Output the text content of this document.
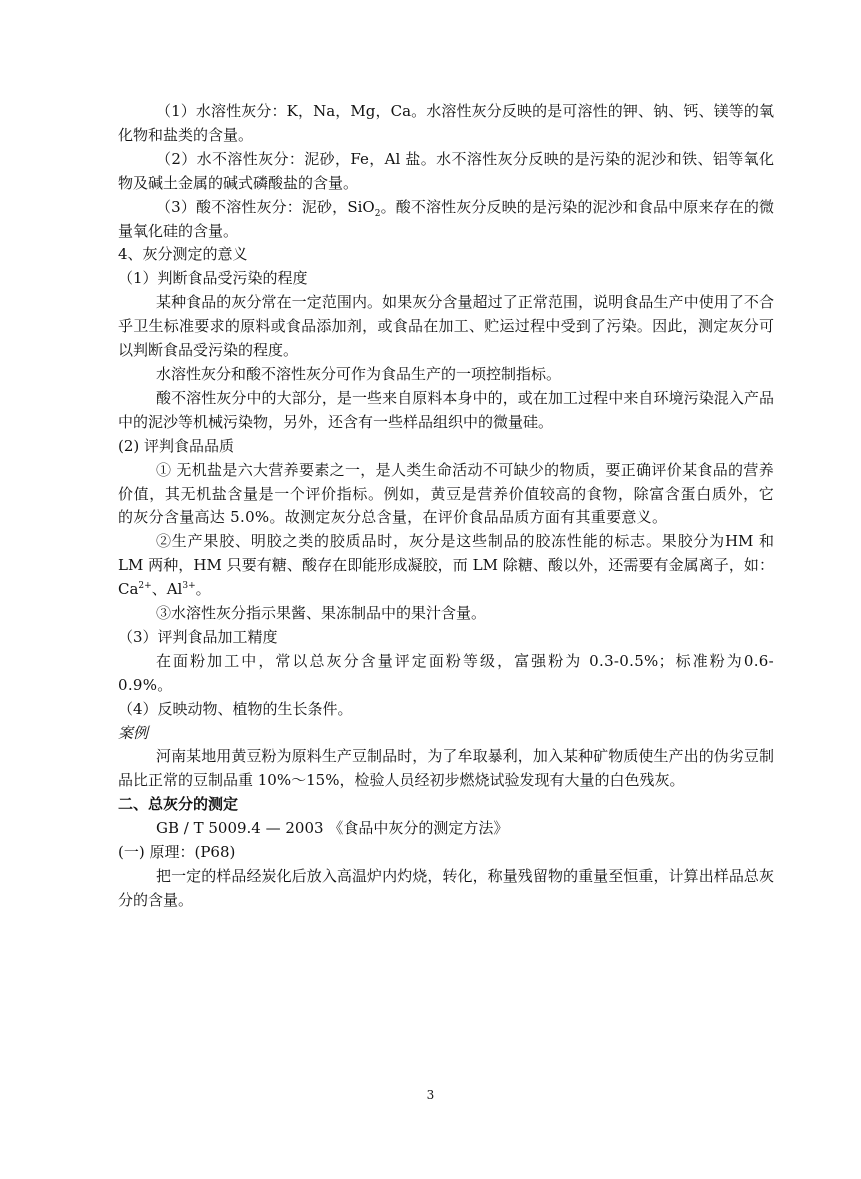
（1）水溶性灰分：K，Na，Mg，Ca。水溶性灰分反映的是可溶性的钾、钠、钙、镁等的氧化物和盐类的含量。

（2）水不溶性灰分：泥砂，Fe，Al 盐。水不溶性灰分反映的是污染的泥沙和铁、铝等氧化物及碱土金属的碱式磷酸盐的含量。

（3）酸不溶性灰分：泥砂，SiO$_2$。酸不溶性灰分反映的是污染的泥沙和食品中原来存在的微量氧化硅的含量。

4、灰分测定的意义

（1）判断食品受污染的程度

某种食品的灰分常在一定范围内。如果灰分含量超过了正常范围，说明食品生产中使用了不合乎卫生标准要求的原料或食品添加剂，或食品在加工、贮运过程中受到了污染。因此，测定灰分可以判断食品受污染的程度。

水溶性灰分和酸不溶性灰分可作为食品生产的一项控制指标。

酸不溶性灰分中的大部分，是一些来自原料本身中的，或在加工过程中来自环境污染混入产品中的泥沙等机械污染物，另外，还含有一些样品组织中的微量硅。

(2) 评判食品品质

① 无机盐是六大营养要素之一，是人类生命活动不可缺少的物质，要正确评价某食品的营养价值，其无机盐含量是一个评价指标。例如，黄豆是营养价值较高的食物，除富含蛋白质外，它的灰分含量高达 5.0%。故测定灰分总含量，在评价食品品质方面有其重要意义。

②生产果胶、明胶之类的胶质品时，灰分是这些制品的胶冻性能的标志。果胶分为HM 和 LM 两种，HM 只要有糖、酸存在即能形成凝胶，而 LM 除糖、酸以外，还需要有金属离子，如： $Ca^{2+}$、$Al^{3+}$。

③水溶性灰分指示果酱、果冻制品中的果汁含量。

（3）评判食品加工精度

在面粉加工中，常以总灰分含量评定面粉等级，富强粉为 0.3-0.5%；标准粉为0.6-0.9%。

（4）反映动物、植物的生长条件。

案例

河南某地用黄豆粉为原料生产豆制品时，为了牟取暴利，加入某种矿物质使生产出的伪劣豆制品比正常的豆制品重 10%～15%，检验人员经初步燃烧试验发现有大量的白色残灰。

二、总灰分的测定

GB / T 5009.4 — 2003 《食品中灰分的测定方法》

(一) 原理：(P68)

把一定的样品经炭化后放入高温炉内灼烧，转化，称量残留物的重量至恒重，计算出样品总灰分的含量。

3
